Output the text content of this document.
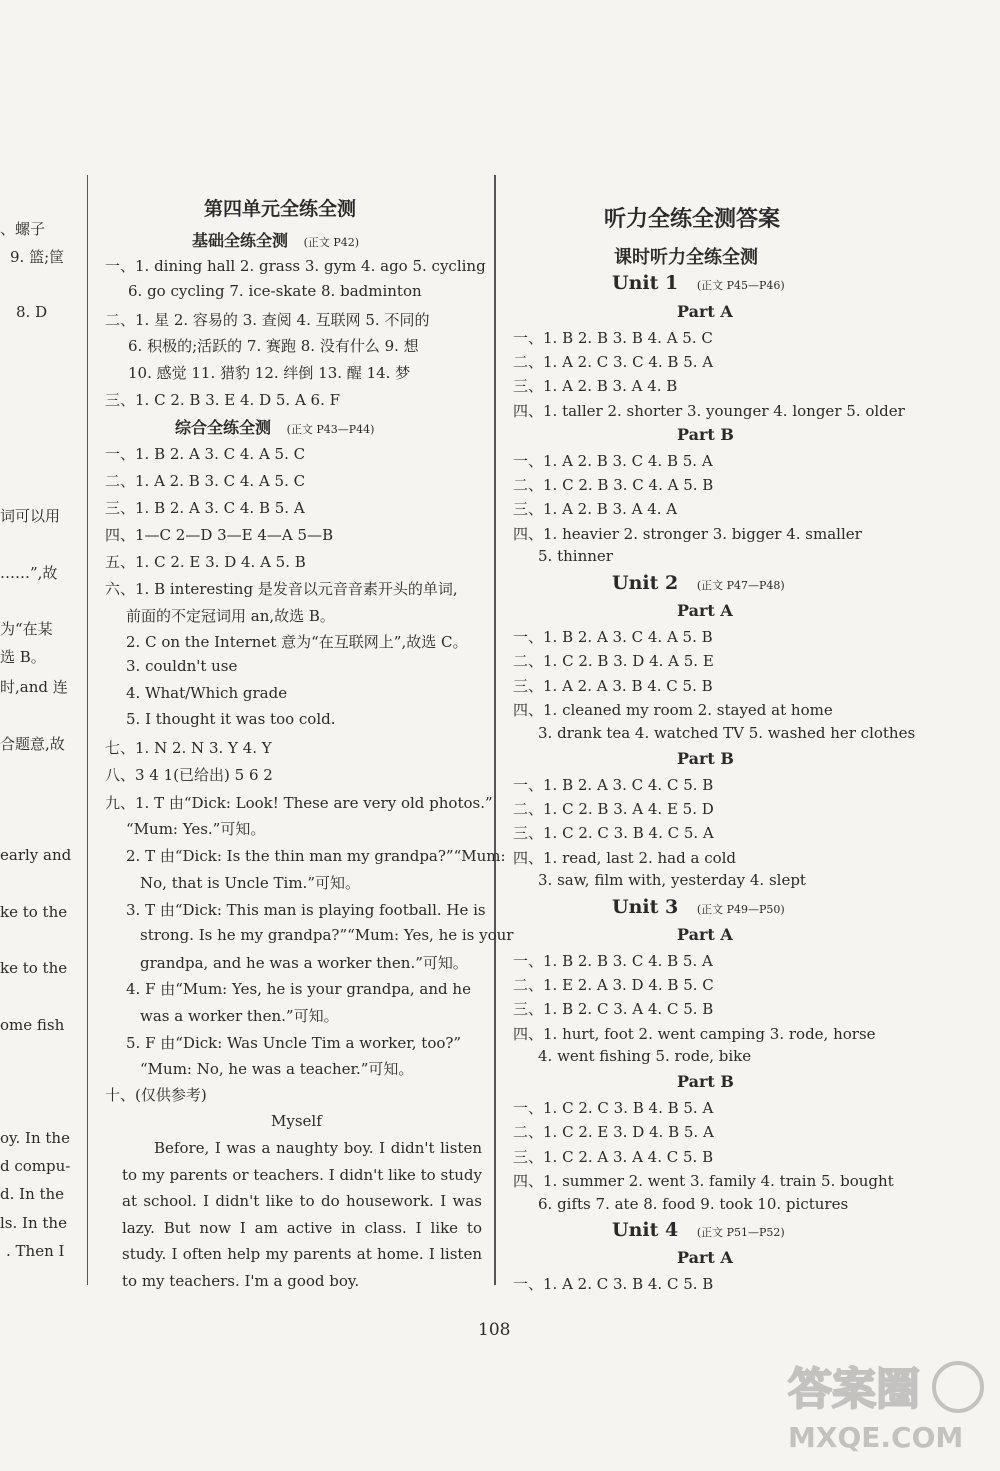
、螺子
9. 篮;筐
8. D
词可以用
……”,故
为“在某
选 B。
时,and 连
合题意,故
early and
ke to the
ke to the
ome fish
oy. In the
d compu-
d. In the
ls. In the
. Then I
第四单元全练全测
基础全练全测 (正文 P42)
一、1. dining hall 2. grass 3. gym 4. ago 5. cycling
6. go cycling 7. ice-skate 8. badminton
二、1. 星 2. 容易的 3. 查阅 4. 互联网 5. 不同的
6. 积极的;活跃的 7. 赛跑 8. 没有什么 9. 想
10. 感觉 11. 猎豹 12. 绊倒 13. 醒 14. 梦
三、1. C 2. B 3. E 4. D 5. A 6. F
综合全练全测 (正文 P43—P44)
一、1. B 2. A 3. C 4. A 5. C
二、1. A 2. B 3. C 4. A 5. C
三、1. B 2. A 3. C 4. B 5. A
四、1—C 2—D 3—E 4—A 5—B
五、1. C 2. E 3. D 4. A 5. B
六、1. B interesting 是发音以元音音素开头的单词,
前面的不定冠词用 an,故选 B。
2. C on the Internet 意为“在互联网上”,故选 C。
3. couldn't use
4. What/Which grade
5. I thought it was too cold.
七、1. N 2. N 3. Y 4. Y
八、3 4 1(已给出) 5 6 2
九、1. T 由“Dick: Look! These are very old photos.”
“Mum: Yes.”可知。
2. T 由“Dick: Is the thin man my grandpa?”“Mum:
No, that is Uncle Tim.”可知。
3. T 由“Dick: This man is playing football. He is
strong. Is he my grandpa?”“Mum: Yes, he is your
grandpa, and he was a worker then.”可知。
4. F 由“Mum: Yes, he is your grandpa, and he
was a worker then.”可知。
5. F 由“Dick: Was Uncle Tim a worker, too?”
“Mum: No, he was a teacher.”可知。
十、(仅供参考)
Myself
Before, I was a naughty boy. I didn't listen to my parents or teachers. I didn't like to study at school. I didn't like to do housework. I was lazy. But now I am active in class. I like to study. I often help my parents at home. I listen to my teachers. I'm a good boy.
听力全练全测答案
课时听力全练全测
Unit 1 (正文 P45—P46)
Part A
一、1. B 2. B 3. B 4. A 5. C
二、1. A 2. C 3. C 4. B 5. A
三、1. A 2. B 3. A 4. B
四、1. taller 2. shorter 3. younger 4. longer 5. older
Part B
一、1. A 2. B 3. C 4. B 5. A
二、1. C 2. B 3. C 4. A 5. B
三、1. A 2. B 3. A 4. A
四、1. heavier 2. stronger 3. bigger 4. smaller
5. thinner
Unit 2 (正文 P47—P48)
Part A
一、1. B 2. A 3. C 4. A 5. B
二、1. C 2. B 3. D 4. A 5. E
三、1. A 2. A 3. B 4. C 5. B
四、1. cleaned my room 2. stayed at home
3. drank tea 4. watched TV 5. washed her clothes
Part B
一、1. B 2. A 3. C 4. C 5. B
二、1. C 2. B 3. A 4. E 5. D
三、1. C 2. C 3. B 4. C 5. A
四、1. read, last 2. had a cold
3. saw, film with, yesterday 4. slept
Unit 3 (正文 P49—P50)
Part A
一、1. B 2. B 3. C 4. B 5. A
二、1. E 2. A 3. D 4. B 5. C
三、1. B 2. C 3. A 4. C 5. B
四、1. hurt, foot 2. went camping 3. rode, horse
4. went fishing 5. rode, bike
Part B
一、1. C 2. C 3. B 4. B 5. A
二、1. C 2. E 3. D 4. B 5. A
三、1. C 2. A 3. A 4. C 5. B
四、1. summer 2. went 3. family 4. train 5. bought
6. gifts 7. ate 8. food 9. took 10. pictures
Unit 4 (正文 P51—P52)
Part A
一、1. A 2. C 3. B 4. C 5. B
108
答案圈
MXQE.COM
